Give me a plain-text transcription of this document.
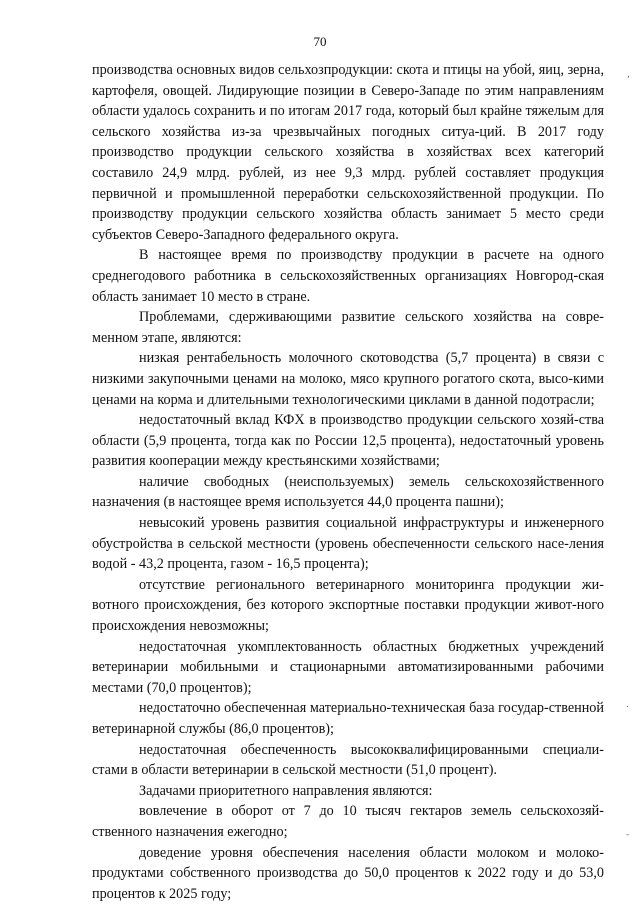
70

производства основных видов сельхозпродукции: скота и птицы на убой, яиц, зерна, картофеля, овощей. Лидирующие позиции в Северо-Западе по этим направлениям области удалось сохранить и по итогам 2017 года, который был крайне тяжелым для сельского хозяйства из-за чрезвычайных погодных ситуа-ций. В 2017 году производство продукции сельского хозяйства в хозяйствах всех категорий составило 24,9 млрд. рублей, из нее 9,3 млрд. рублей составляет продукция первичной и промышленной переработки сельскохозяйственной продукции. По производству продукции сельского хозяйства область занимает 5 место среди субъектов Северо-Западного федерального округа.

В настоящее время по производству продукции в расчете на одного среднегодового работника в сельскохозяйственных организациях Новгород-ская область занимает 10 место в стране.

Проблемами, сдерживающими развитие сельского хозяйства на совре-менном этапе, являются:

низкая рентабельность молочного скотоводства (5,7 процента) в связи с низкими закупочными ценами на молоко, мясо крупного рогатого скота, высо-кими ценами на корма и длительными технологическими циклами в данной подотрасли;

недостаточный вклад КФХ в производство продукции сельского хозяй-ства области (5,9 процента, тогда как по России 12,5 процента), недостаточный уровень развития кооперации между крестьянскими хозяйствами;

наличие свободных (неиспользуемых) земель сельскохозяйственного назначения (в настоящее время используется 44,0 процента пашни);

невысокий уровень развития социальной инфраструктуры и инженерного обустройства в сельской местности (уровень обеспеченности сельского насе-ления водой - 43,2 процента, газом - 16,5 процента);

отсутствие регионального ветеринарного мониторинга продукции жи-вотного происхождения, без которого экспортные поставки продукции живот-ного происхождения невозможны;

недостаточная укомплектованность областных бюджетных учреждений ветеринарии мобильными и стационарными автоматизированными рабочими местами (70,0 процентов);

недостаточно обеспеченная материально-техническая база государ-ственной ветеринарной службы (86,0 процентов);

недостаточная обеспеченность высококвалифицированными специали-стами в области ветеринарии в сельской местности (51,0 процент).

Задачами приоритетного направления являются:

вовлечение в оборот от 7 до 10 тысяч гектаров земель сельскохозяй-ственного назначения ежегодно;

доведение уровня обеспечения населения области молоком и молоко-продуктами собственного производства до 50,0 процентов к 2022 году и до 53,0 процентов к 2025 году;

,
.
-
